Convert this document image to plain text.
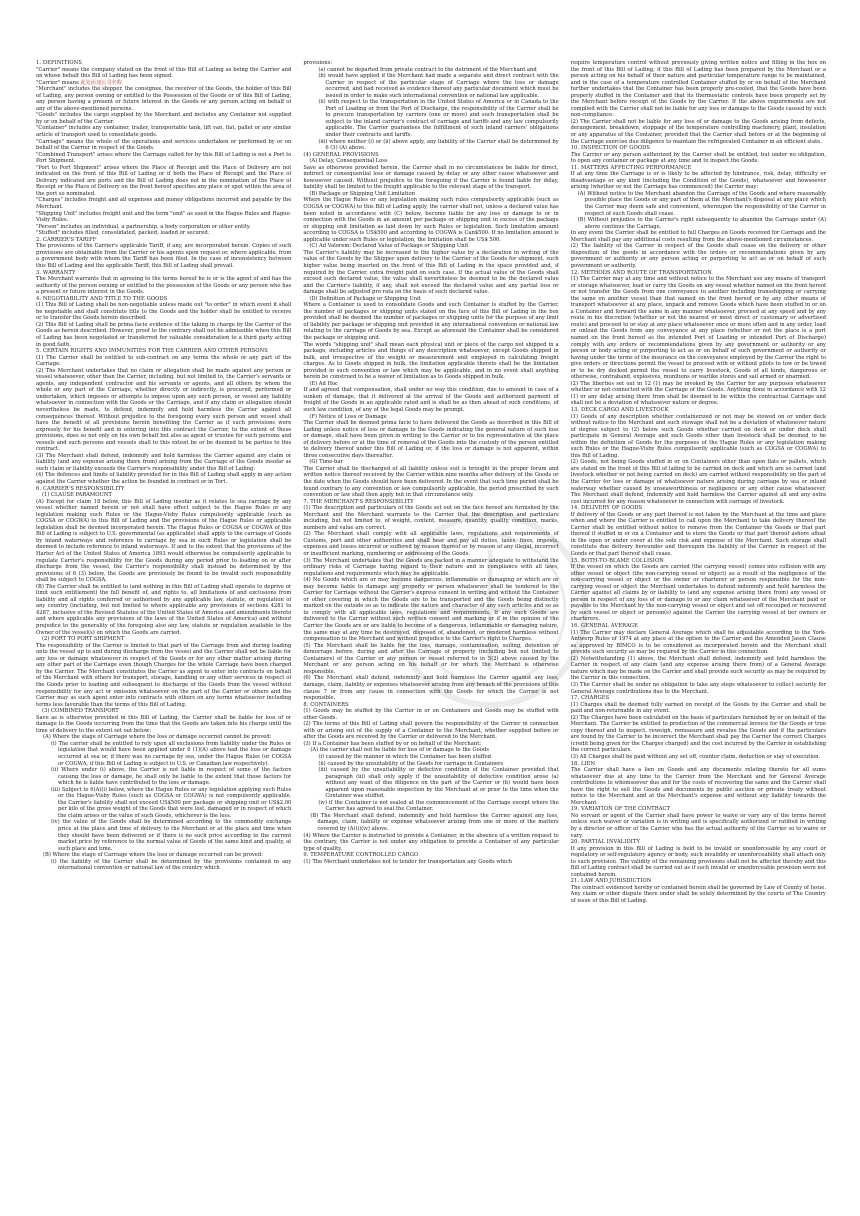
1. DEFINITIONS

"Carrier" means the company stated on the front of this Bill of Lading as being the Carrier and on whose behalf this Bill of Lading has been signed.

"Carrier" means 此处添加公司名称

"Merchant" includes the shipper, the consignee, the receiver of the Goods, the holder of this Bill of Lading, any person owning or entitled to the Possession of the Goods or of this Bill of Lading, any person having a present or future interest in the Goods or any person acting on behalf of any of the above-mentioned persons.

"Goods" includes the cargo supplied by the Merchant and includes any Container not supplied by or on behalf of the Carrier.

"Container" includes any container, trailer, transportable tank, lift van, flat, pallet or any similar article of transport used to consolidate goods.

"Carriage" means the whole of the operations and services undertaken or performed by or on behalf of the Carrier in respect of the Goods.

"Combined Transport" arises where the Carriage called for by this Bill of Lading is not a Port to Port Shipment.

"Port to Port Shipment" arises where the Place of Receipt and the Place of Delivery are not indicated on the front of this Bill of Lading or if both the Place of Receipt and the Place of Delivery indicated are ports and the Bill of Lading does not in the nomination of the Place of Receipt or the Place of Delivery on the front hereof specifies any place or spot within the area of the port so nominated.

"Charges" includes freight and all expenses and money obligations incurred and payable by the Merchant.

"Shipping Unit" includes freight unit and the term "unit" as used in the Hague Rules and Hague-Visby Rules.

"Person" includes an individual, a partnership, a body corporation or other entity.

"Stuffed" includes filled, consolidated, packed, loaded or secured.

2. CARRIER'S TARIFF

The provisions of the Carrier's applicable Tariff, if any, are incorporated herein. Copies of such provisions are obtainable from the Carrier or his agents upon request or, where applicable, from a government body with whom the Tariff has been filed. In the case of inconsistency between this Bill of Lading and the applicable Tariff, this Bill of Lading shall prevail.

3. WARRANTY

The Merchant warrants that in agreeing to the terms hereof he is or is the agent of and has the authority of the person owning or entitled to the possession of the Goods or any person who has a present or future interest in the Goods.

4. NEGOTIABILITY AND TITLE TO THE GOODS

(1) This Bill of Lading shall be non-negotiable unless made out "to order" in which event it shall be negotiable and shall constitute title to the Goods and the holder shall be entitled to receive or to transfer the Goods herein described.

(2) This Bill of Lading shall be prima facie evidence of the taking in charge by the Carrier of the Goods as herein described. However, proof to the contrary shall not be admissible when this Bill of Lading has been negotiated or transferred for valuable consideration to a third party acting in good faith.

5. CERTAIN RIGHTS AND IMMUNITIES FOR THE CARRIER AND OTHER PERSONS

(1) The Carrier shall be entitled to sub-contract on any terms the whole or any part of the Carriage.

(2) The Merchant undertakes that no claim or allegation shall be made against any person or vessel whatsoever, other than the Carrier, including, but not limited to, the Carrier's servants or agents, any independent contractor and his servants or agents, and all others by whom the whole or any part of the Carriage, whether directly or indirectly, is procured, performed or undertaken, which imposes or attempts to impose upon any such person, or vessel any liability whatsoever in connection with the Goods or the Carriage, and if any claim or allegation should nevertheless be made, to defend, indemnify and hold harmless the Carrier against all consequences thereof. Without prejudice to the foregoing every such person and vessel shall have the benefit of all provisions herein benefiting the Carrier as if such provisions were expressly for his benefit and in entering into this contract the Carrier, to the extent of these provisions, does so not only on his own behalf but also as agent or trustee for such persons and vessels and such persons and vessels shall to this extent be or be deemed to be parties to this contract.

(3) The Merchant shall defend, indemnify and hold harmless the Carrier against any claim or liability (and any expense arising there from) arising from the Carriage of the Goods insofar as such claim or liability exceeds the Carrier's responsibility under this Bill of Lading.

(4) The defences and limits of liability provided for in this Bill of Lading shall apply in any action against the Carrier whether the action be founded in contract or in Tort.

6. CARRIER'S RESPONSIBILITY

(1) CLAUSE PARAMOUNT

(A) Except for claim 18 below, this Bill of Lading insofar as it relates to sea carriage by any vessel whether named herein or not shall have effect subject to the Hague Rules or any legislation making such Rules or the Hague-Visby Rules compulsorily applicable (such as COGSA or COGWA) to this Bill of Lading and the provisions of the Hague Rules or applicable legislation shall be deemed incorporated herein. The Hague Rules or COGSA or COGWA of this Bill of Lading is subject to U.S. governmental (as applicable) shall apply to the carriage of Goods by inland waterways and reference to carriage by sea in such Rules or legislation shall be deemed to include reference to inland waterways. If and to the extent that the provisions of the Harter Act of the United States of America 1893 would otherwise be compulsorily applicable to regulate Carrier's responsibility for the Goods during any period prior to loading on or after discharge from the vessel, the Carrier's responsibility shall instead be determined by the provisions of 6 (3) below, the Goods are previously be found to be invalid such responsibility shall be subject to COGSA.

(B) The Carrier shall be entitled to (and nothing in this Bill of Lading shall operate to deprive or limit such entitlement) the full benefit of, and rights to, all limitations of and exclusions from liability and all rights conferred or authorised by any applicable law, statute, or regulation of any country (including, but not limited to where applicable any provisions of sections 4281 to 4287, inclusive of the Revised Statutes of the United States of America and amendments thereto and where applicable any provisions of the laws of the United States of America) and without prejudice to the generality of the foregoing also any law, statute or regulation available to the Owner of the vessel(s) on which the Goods are carried.

(2) PORT TO PORT SHIPMENT

The responsibility of the Carrier is limited to that part of the Carriage from and during loading onto the vessel up to and during discharge from the vessel and the Carrier shall not be liable for any loss or damage whatsoever in respect of the Goods or for any other matter arising during any other part of the Carriage even though Charges for the whole Carriage have been charged by the Carrier. The Merchant constitutes the Carrier as agent to enter into contracts on behalf of the Merchant with others for transport, storage, handling or any other services in respect of the Goods prior to loading and subsequent to discharge of the Goods from the vessel without responsibility for any act or omission whatsoever on the part of the Carrier or others and the Carrier may as such agent enter into contracts with others on any terms whatsoever including terms less favorable than the terms of this Bill of Lading.

(3) COMBINED TRANSPORT

Save as is otherwise provided in this Bill of Lading, the Carrier shall be liable for loss of or damage to the Goods occurring from the time that the Goods are taken into his charge until the time of delivery to the extent set out below:

(A) Where the stage of Carriage where the loss or damage occurred cannot be proved:

(i) The carrier shall be entitled to rely upon all exclusions from liability under the Rules or legislation that would have been applied under 6 (1)(A) above had the loss or damage occurred at sea or, if there was no carriage by sea, under the Hague Rules (or COGSA or COGWA, if this Bill of Lading is subject to U.S. or Canadian law respectively).

(ii) Where under (i) above, the Carrier is not liable in respect of some of the factors causing the loss or damage, he shall only be liable to the extent that those factors for which he is liable have contributed to the loss or damage.

(iii) Subject to 6(A)(i) below, where the Hague Rules or any legislation applying such Rules or the Hague-Visby Rules (such as COGSA or COGWA) is not compulsorily applicable, the Carrier's liability shall not exceed US$500 per package or shipping unit or US$2.00 per kilo of the gross weight of the Goods that were lost, damaged or in respect of which the claim arises or the value of such Goods, whichever is the less.

(iv) the value of the Goods shall be determined according to the commodity exchange price at the place and time of delivery to the Merchant or at the place and time when they should have been delivered or if there is no such price according to the current market price by reference to the normal value of Goods of the same kind and quality, at such place and time.

(B) Where the stage of Carriage where the loss or damage occurred can be proved:

(i) the liability of the Carrier shall be determined by the provisions contained in any international convention or national law of the country which

provisions:

(a) cannot be departed from private contract to the detriment of the Merchant and

(b) would have applied if the Merchant had made a separate and direct contract with the Carrier in respect of the particular stage of Carriage where the loss or damage occurred, and had received as evidence thereof any particular document which must be issued in order to make such international convention or national law applicable.

(ii) with respect to the transportation in the United States of America or in Canada to the Port of Loading or from the Port of Discharge, the responsibility of the Carrier shall be to procure transportation by carriers (one or more) and such transportation shall be subject to the inland carrier's contract of carriage and tariffs and any law compulsorily applicable. The Carrier guarantees the fulfillment of such inland carriers' obligations under their contracts and tariffs.

(iii) where neither (i) or (ii) above apply, any liability of the Carrier shall be determined by 6 (3) (A) above.

(4) GENERAL PROVISIONS

(A) Delay, Consequential Loss

Save as otherwise provided herein, the Carrier shall in no circumstances be liable for direct, indirect or consequential loss or damage caused by delay or any other cause whatsoever and howsoever caused. Without prejudice to the foregoing if the Carrier is found liable for delay, liability shall be limited to the freight applicable to the relevant stage of the transport.

(B) Package or Shipping Unit Limitation

Where the Hague Rules or any legislation making such rules compulsorily applicable (such as COGSA or COGWA) to this Bill of Lading apply, the carrier shall not, unless a declared value has been noted in accordance with (C) below, become liable for any loss or damage to or in connection with the Goods in an amount per package or shipping unit in excess of the package or shipping unit limitation as laid down by such Rules or legislation. Such limitation amount according to COGSA is US$500 and according to COGWA is Can$500. If no limitation amount is applicable under such Rules or legislation, the limitation shall be US$ 500.

(C) Ad Valorem: Declared Value of Package or Shipping Unit

The Carrier's liability may be increased to the higher value by a declaration in writing of the value of the Goods by the Shipper upon delivery to the Carrier of the Goods for shipment, such higher value being inserted on the front of this Bill of Lading in the space provided and, if required by the Carrier, extra freight paid on such case. If the actual value of the Goods shall exceed such declared value, the value shall nevertheless be deemed to be the declared value and the Carrier's liability, if any, shall not exceed the declared value and any partial loss or damage shall be adjusted pro rata on the basis of such declared value.

(D) Definition of Package or Shipping Unit

Where a Container is used to consolidate Goods and such Container is stuffed by the Carrier, the number of packages or shipping units stated on the face of this Bill of Lading in the box provided shall be deemed the number of packages or shipping units for the purpose of any limit of liability per package or shipping unit provided in any international convention or national law relating to the carriage of Goods by sea. Except as aforesaid the Container shall be considered the package or shipping unit.

The words "shipping unit" shall mean each physical unit or piece of the cargo not shipped in a package, including articles and things of any description whatsoever, except Goods shipped in bulk, and irrespective of the weight or measurement unit employed in calculating freight charges. As to Goods shipped in bulk, the limitation applicable thereto shall be the limitation provided in such convention or law which may be applicable, and in no event shall anything herein be construed to be a waiver of limitation as to Goods shipped in bulk.

(E) Ad Hoc

If and agreed that compensation, shall under no way this condition, due to amount in case of a sunken of damage, that it delivered at the arrival of the Goods and authorized payment of freight of the Goods in an applicable rated and is shall be as then ahead of such conditions, of such law condition, of any of the legal Goods may be prompt.

(F) Notice of Loss or Damage

The Carrier shall be deemed prima facie to have delivered the Goods as described in this Bill of Lading unless notice of loss or damage to the Goods indicating the general nature of such loss or damage, shall have been given in writing to the Carrier or to his representative at the place of delivery before or at the time of removal of the Goods into the custody of the person entitled to delivery thereof under this Bill of Lading or, if the loss or damage is not apparent, within three consecutive days thereafter.

(G) Time-bar

The Carrier shall be discharged of all liability unless suit is brought in the proper forum and written notice thereof received by the Carrier within nine months after delivery of the Goods or the date when the Goods should have been delivered. In the event that such time period shall be found contrary to any convention or law compulsorily applicable, the period prescribed by such convention or law shall then apply but in that circumstance only.

7. THE MERCHANT'S RESPONSIBILITY

(1) The description and particulars of the Goods set out on the face hereof are furnished by the Merchant and the Merchant warrants to the Carrier that the description and particulars including, but not limited to, of weight, content, measure, quantity, quality, condition, marks, numbers and value are correct.

(2) The Merchant shall comply with all applicable laws, regulations and requirements of Customs, port and other authorities and shall bear and pay all duties, taxes, fines, imposts, expenses and losses incurred or suffered by reason thereof or by reason of any illegal, incorrect or insufficient marking, numbering or addressing of the Goods.

(3) The Merchant undertakes that the Goods are packed in a manner adequate to withstand the ordinary risks of Carriage having regard to their nature and in compliance with all laws, regulations and requirements which may be applicable.

(4) No Goods which are or may become dangerous, inflammable or damaging or which are or may become liable to damage any property or person whatsoever shall be tendered to the Carrier for Carriage without the Carrier's express consent in writing and without the Container or other covering in which the Goods are to be transported and the Goods being distinctly marked on the outside so as to indicate the nature and character of any such articles and so as to comply with all applicable laws, regulations and requirements. If any such Goods are delivered to the Carrier without such written consent and marking or if in the opinion of the Carrier the Goods are or are liable to become of a dangerous, inflammable or damaging nature, the same may at any time be destroyed, disposed of, abandoned, or rendered harmless without compensation to the Merchant and without prejudice to the Carrier's right to Charges.

(5) The Merchant shall be liable for the loss, damage, contamination, soiling, detention or demurrage before, during and after the Carriage of property (including but not limited to Containers) of the Carrier or any person or vessel referred to in 5(2) above caused by the Merchant or any person acting on his behalf or for which the Merchant is otherwise responsible.

(6) The Merchant shall defend, indemnify and hold harmless the Carrier against any loss, damage, claim, liability or expenses whatsoever arising from any breach of the provisions of this clause 7 or from any cause in connection with the Goods for which the Carrier is not responsible.

8. CONTAINERS

(1) Goods may be stuffed by the Carrier in or on Containers and Goods may be stuffed with other Goods.

(2) The terms of this Bill of Lading shall govern the responsibility of the Carrier in connection with or arising out of the supply of a Container to the Merchant, whether supplied before or after the Goods are received by the Carrier or delivered to the Merchant.

(3) If a Container has been stuffed by or on behalf of the Merchant:

(A) the carrier shall not be liable for loss of or damage to the Goods

(i) caused by the manner in which the Container has been stuffed

(ii) caused by the unsuitability of the Goods for carriage in Containers

(iii) caused by the unsuitability or defective condition of the Container provided that paragraph (iii) shall only apply if the unsuitability of defective condition arose (a) without any want of due diligence on the part of the Carrier or (b) would have been apparent upon reasonable inspection by the Merchant at or prior to the time when the Container was stuffed.

(iv) if the Container is not sealed at the commencement of the Carriage except where the Carrier has agreed to seal the Container.

(B) The Merchant shall defend, indemnify and hold harmless the Carrier against any loss, damage, claim, liability or expense whatsoever arising from one or more of the matters covered by (A)(i)(iv) above.

(4) Where the Carrier is instructed to provide a Container, in the absence of a written request to the contrary, the Carrier is not under any obligation to provide a Container of any particular type of quality.

9. TEMPERATURE CONTROLLED CARGO

(1) The Merchant undertakes not to tender for transportation any Goods which

require temperature control without previously giving written notice and filling in the box on the front of this Bill of Lading, if this Bill of Lading has been prepared by the Merchant or a person acting on his behalf of their nature and particular temperature range to be maintained, and in the case of a temperature controlled Container stuffed by or on behalf of the Merchant further undertakes that the Container has been properly pre-cooled, that the Goods have been properly stuffed in the Container and that its thermostatic controls have been properly set by the Merchant before receipt of the Goods by the Carrier. If the above requirements are not complied with the Carrier shall not be liable for any loss or damage to the Goods caused by such non-compliance.

(2) The Carrier shall not be liable for any loss of or damage to the Goods arising from defects, derangement, breakdown, stoppage of the temperature controlling machinery, plant, insulation or any apparatus of the Container, provided that the Carrier shall before or at the beginning of the Carriage exercise due diligence to maintain the refrigerated Container in an efficient state.

10. INSPECTION OF GOODS

The Carrier or any person authorized by the Carrier shall be entitled, but under no obligation, to open any container or package at any time and to inspect the Goods.

11. MATTERS AFFECTING PERFORMANCE

If at any time the Carriage is or is likely to be affected by hindrance, risk, delay, difficulty or disadvantage or any kind (including the Condition of the Goods), whatsoever and howsoever arising (whether or not the Carriage has commenced) the Carrier may:

(A) Without notice to the Merchant abandon the Carriage of the Goods and where reasonably possible place the Goods or any part of them at the Merchant's disposal at any place which the Carrier may deem safe and convenient, whereupon the responsibility of the Carrier in respect of such Goods shall cease.

(B) Without prejudice to the Carrier's right subsequently to abandon the Carriage under (A) above continue the Carriage.

In any event the Carrier shall be entitled to full Charges on Goods received for Carriage and the Merchant shall pay any additional costs resulting from the above-mentioned circumstances.

(2) The liability of the Carrier in respect of the Goods shall cease on the delivery or other disposition of the goods in accordance with the orders or recommendations given by any government or authority or any person acting or purporting to act as or on behalf of such government or authority.

12. METHODS AND ROUTE OF TRANSPORTATION

(1) The Carrier may at any time and without notice to the Merchant use any means of transport or storage whatsoever, load or carry the Goods on any vessel whether named on the front hereof or not transfer the Goods from one conveyance to another including transshipping or carrying the same on another vessel than that named on the front hereof or by any other means of transport whatsoever at any place, unpack and remove Goods which have been stuffed in or on a Container and forward the same in any manner whatsoever, proceed at any speed and by any route in his discretion (whether or not the nearest or most direct or customary or advertised route) and proceed to or stay at any place whatsoever once or more often and in any order, load or unload the Goods from any conveyance at any place (whether or not the place is a port named on the front hereof as the intended Port of Loading or intended Port of Discharge) comply with any orders or recommendations given by any government or authority or any person or body acting or purporting to act as or on behalf of such government or authority or having under the terms of the insurance on the conveyance employed by the Carrier the right to give orders or directions permit the vessel to proceed with or without pilots to tow or be towed or to be dry docked permit the vessel to carry livestock, Goods of all kinds, dangerous or otherwise, contraband, explosives, munitions or warlike stores and sail armed or unarmed.

(2) The liberties set out in 12 (1) may be invoked by the Carrier for any purposes whatsoever whether or not connected with the Carriage of the Goods. Anything done in accordance with 12 (1) or any delay arising there from shall be deemed to be within the contractual Carriage and shall not be a deviation of whatsoever nature or degree.

13. DECK CARGO AND LIVESTOCK

(1) Goods of any description whether containerized or not may be stowed on or under deck without notice to the Merchant and such stowage shall not be a deviation of whatsoever nature of degree subject to (2) below such Goods whether carried on deck or under deck shall participate in General Average and such Goods other than livestock shall be deemed to be within the definition of Goods for the purposes of the Hague Rules or any legislation making such Rules or the Hague-Visby Rules compulsorily applicable (such as COGSA or COGWA) to this Bill of Lading.

(2) Goods, not being Goods stuffed in or on Containers other than open flats or pallets, which are stated on the front of this Bill of lading to be carried on deck and which are so carried (and livestock whether or not being carried on deck) are carried without responsibility on the part of the Carrier for loss or damage of whatsoever nature arising during carriage by sea or inland waterway whether caused by unseaworthiness or negligence or any other cause whatsoever. The Merchant shall defend, indemnify and hold harmless the Carrier against all and any extra cost incurred for any reason whatsoever in connection with carriage of livestock.

14. DELIVERY OF GOODS

If delivery of the Goods or any part thereof is not taken by the Merchant at the time and place when and where the Carrier is entitled to call upon the Merchant to take delivery thereof the Carrier shall be entitled without notice to remove from the Container the Goods or that part thereof if stuffed in or on a Container and to store the Goods or that part thereof ashore afloat in the open or under cover at the sole risk and expense of the Merchant. Such storage shall constitute due delivery hereunder and thereupon the liability of the Carrier in respect of the Goods or that part thereof shall cease.

15. BOTH-TO-BLAME COLLISION

If the vessel on which the Goods are carried (the carrying vessel) comes into collision with any other vessel or object (the non-carrying vessel or object) as a result of the negligence of the non-carrying vessel or object or the owner or charterer or person responsible for the non-carrying vessel or object the Merchant undertakes to defend indemnify and hold harmless the Carrier against all claims by or liability to (and any expense arising there from) any vessel or person in respect of any loss of or damage to or any claim whatsoever of the Merchant paid or payable to the Merchant by the non-carrying vessel or object and set off recouped or recovered by such vessel or object or person(s) against the Carrier the carrying vessel of her owners or charterers.

16. GENERAL AVERAGE

(1) The Carrier may declare General Average which shall be adjustable according to the York-Antwerp Rules of 1974 at any place at the option to the Carrier and the Amended Jason Clause as approved by BIMCO is to be considered as incorporated herein and the Merchant shall provide such security as may be required by the Carrier in this connection.

(2) Notwithstanding (1) above, the Merchant shall defend, indemnify and hold harmless the Carrier in respect of any claim (and any expense arising there from) of a General Average nature which may be made on the Carrier and shall provide such security as may be required by the Carrier in this connection.

(3) The Carrier shall be under no obligation to take any steps whatsoever to collect security for General Average contributions due to the Merchant.

17. CHARGES

(1) Charges shall be deemed fully earned on receipt of the Goods by the Carrier and shall be paid and non-returnable in any event.

(2) The Charges have been calculated on the basis of particulars furnished by or on behalf of the Merchant. The Carrier be entitled to production of the commercial invoice for the Goods or true copy thereof and to inspect, reweigh, remeasure and revalue the Goods and if the particulars are found by the Carrier to be incorrect the Merchant shall pay the Carrier the correct Charges (credit being given for the Charges charged) and the cost incurred by the Carrier in establishing the correct particulars.

(3) All Charges shall be paid without any set off, counter claim, deduction or stay of execution.

18. LIEN

The Carrier shall have a lien on Goods and any documents relating thereto for all sums whatsoever due at any time to the Carrier from the Merchant and for General Average contributions to whomsoever due and for the costs of recovering the same and the Carrier shall have the right to sell the Goods and documents by public auction or private treaty without notice to the Merchant and at the Merchant's expense and without any liability towards the Merchant.

19. VARIATION OF THE CONTRACT

No servant or agent of the Carrier shall have power to waive or vary any of the terms hereof unless such waiver or variation is in writing and is specifically authorized or ratified in writing by a director or officer of the Carrier who has the actual authority of the Carrier so to waive or vary.

20. PARTIAL INVALIDITY

If any provision in this Bill of Lading is held to be invalid or unenforceable by any court or regulatory or self-regulatory agency or body, such invalidity or unenforceability shall attach only to such provision. The validity of the remaining provisions shall not be affected thereby and this Bill of Lading contract shall be carried out as if such invalid or unenforceable provision were not contained herein.

21. LAW AND JURISDICTION

The contract evidenced hereby or contained herein shall be governed by Law of County of Issue. Any claim or other dispute there under shall be solely determined by the courts of The Country of issue of this Bill of Lading.
